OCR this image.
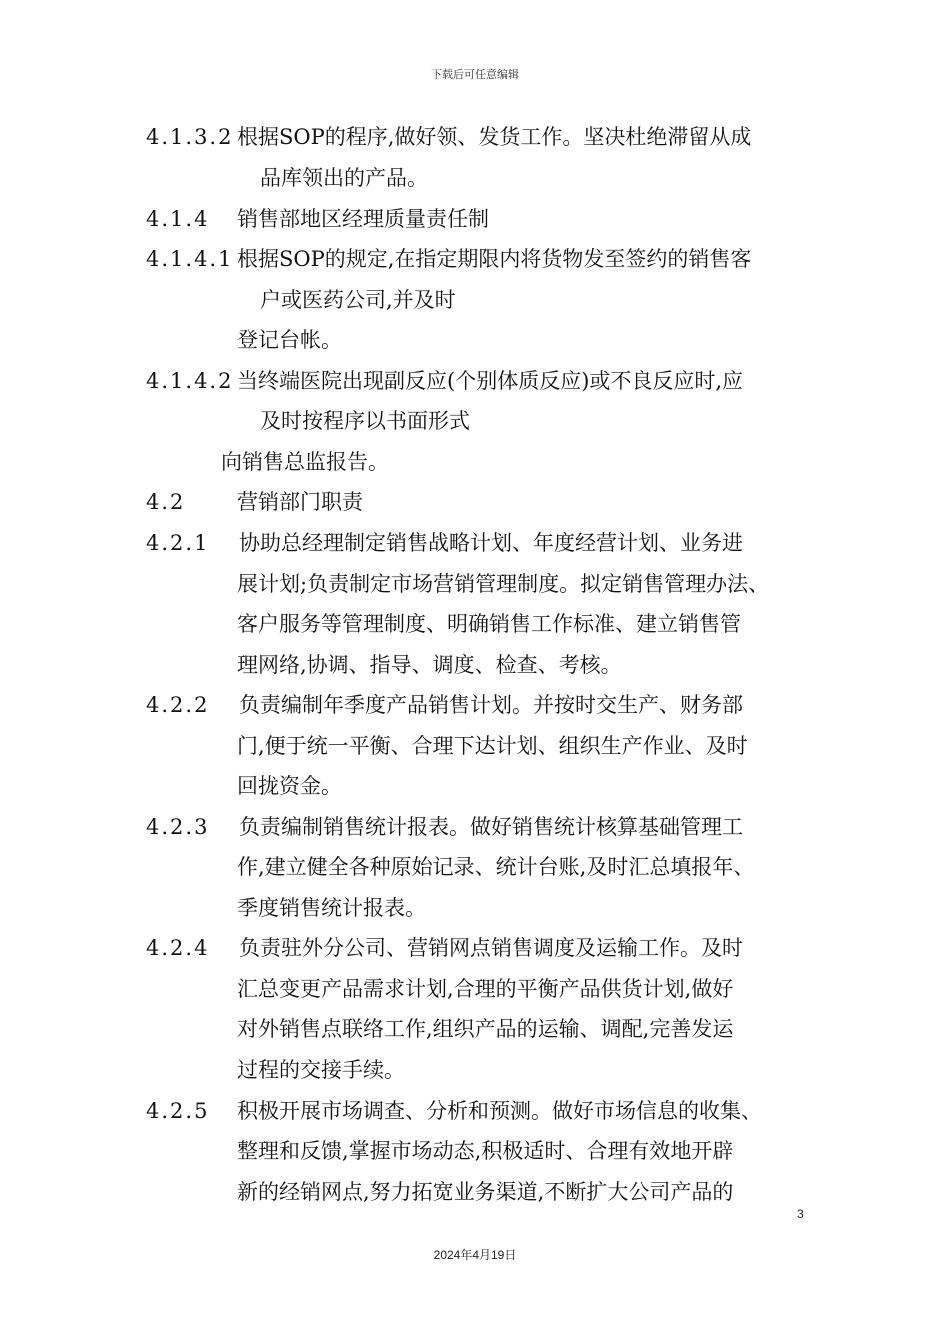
下载后可任意编辑
4.1.3.2 根据SOP的程序,做好领、发货工作。坚决杜绝滞留从成
品库领出的产品。
4.1.4 销售部地区经理质量责任制
4.1.4.1 根据SOP的规定,在指定期限内将货物发至签约的销售客
户或医药公司,并及时
登记台帐。
4.1.4.2 当终端医院出现副反应(个别体质反应)或不良反应时,应
及时按程序以书面形式
向销售总监报告。
4.2 营销部门职责
4.2.1 协助总经理制定销售战略计划、年度经营计划、业务进
展计划;负责制定市场营销管理制度。拟定销售管理办法、
客户服务等管理制度、明确销售工作标准、建立销售管
理网络,协调、指导、调度、检查、考核。
4.2.2 负责编制年季度产品销售计划。并按时交生产、财务部
门,便于统一平衡、合理下达计划、组织生产作业、及时
回拢资金。
4.2.3 负责编制销售统计报表。做好销售统计核算基础管理工
作,建立健全各种原始记录、统计台账,及时汇总填报年、
季度销售统计报表。
4.2.4 负责驻外分公司、营销网点销售调度及运输工作。及时
汇总变更产品需求计划,合理的平衡产品供货计划,做好
对外销售点联络工作,组织产品的运输、调配,完善发运
过程的交接手续。
4.2.5 积极开展市场调查、分析和预测。做好市场信息的收集、
整理和反馈,掌握市场动态,积极适时、合理有效地开辟
新的经销网点,努力拓宽业务渠道,不断扩大公司产品的
3
2024年4月19日
